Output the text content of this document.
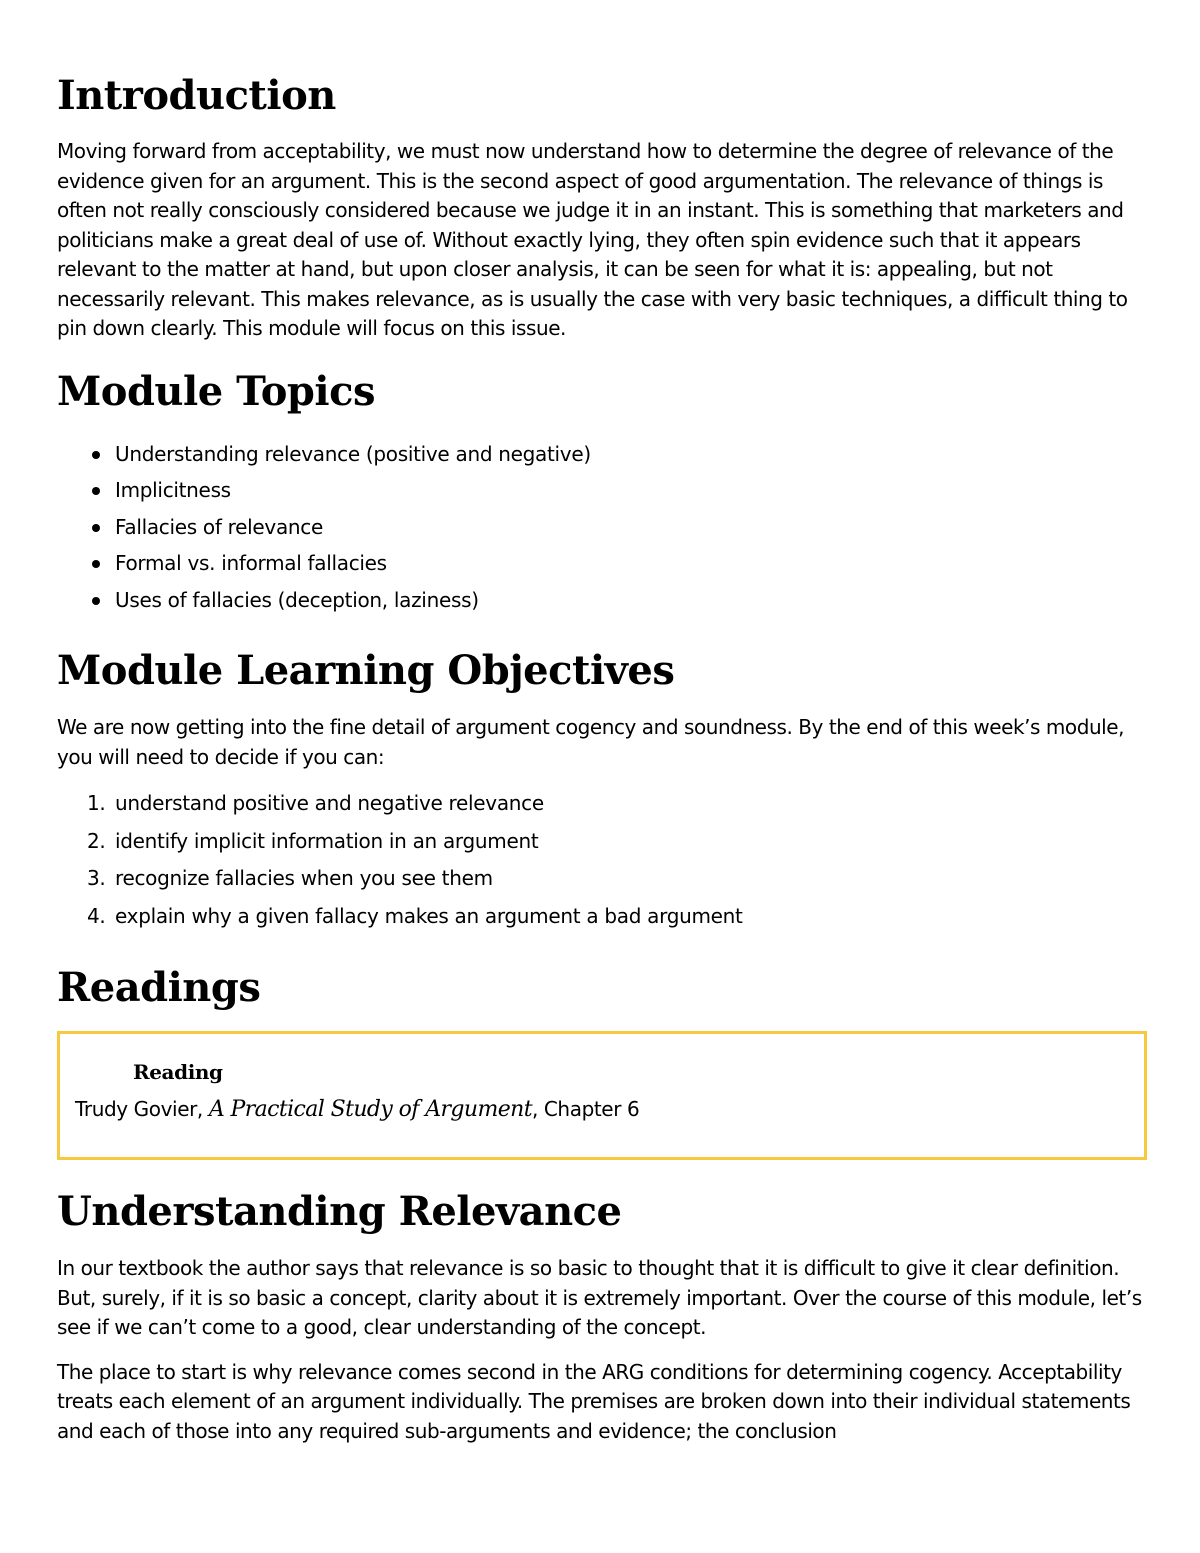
Introduction

Moving forward from acceptability, we must now understand how to determine the degree of relevance of the evidence given for an argument. This is the second aspect of good argumentation. The relevance of things is often not really consciously considered because we judge it in an instant. This is something that marketers and politicians make a great deal of use of. Without exactly lying, they often spin evidence such that it appears relevant to the matter at hand, but upon closer analysis, it can be seen for what it is: appealing, but not necessarily relevant. This makes relevance, as is usually the case with very basic techniques, a difficult thing to pin down clearly. This module will focus on this issue.

Module Topics
Understanding relevance (positive and negative)
Implicitness
Fallacies of relevance
Formal vs. informal fallacies
Uses of fallacies (deception, laziness)
Module Learning Objectives

We are now getting into the fine detail of argument cogency and soundness. By the end of this week’s module, you will need to decide if you can:

1. understand positive and negative relevance
2. identify implicit information in an argument
3. recognize fallacies when you see them
4. explain why a given fallacy makes an argument a bad argument
Readings
Reading
Trudy Govier, A Practical Study of Argument, Chapter 6
Understanding Relevance

In our textbook the author says that relevance is so basic to thought that it is difficult to give it clear definition. But, surely, if it is so basic a concept, clarity about it is extremely important. Over the course of this module, let’s see if we can’t come to a good, clear understanding of the concept.

The place to start is why relevance comes second in the ARG conditions for determining cogency. Acceptability treats each element of an argument individually. The premises are broken down into their individual statements and each of those into any required sub-arguments and evidence; the conclusion
